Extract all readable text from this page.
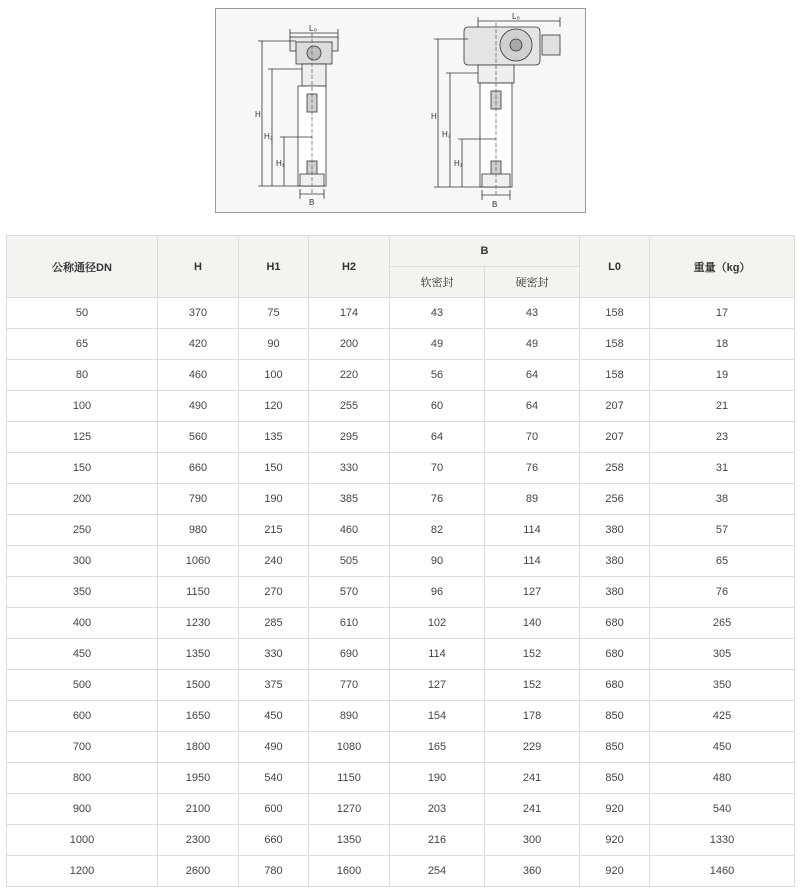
L₀
H
H₂
H₁
B
L₀
H
H₂
H₁
B
公称通径DN	H	H1	H2	B		L0	重量（kg）
				软密封	硬密封		
50	370	75	174	43	43	158	17
65	420	90	200	49	49	158	18
80	460	100	220	56	64	158	19
100	490	120	255	60	64	207	21
125	560	135	295	64	70	207	23
150	660	150	330	70	76	258	31
200	790	190	385	76	89	256	38
250	980	215	460	82	114	380	57
300	1060	240	505	90	114	380	65
350	1150	270	570	96	127	380	76
400	1230	285	610	102	140	680	265
450	1350	330	690	114	152	680	305
500	1500	375	770	127	152	680	350
600	1650	450	890	154	178	850	425
700	1800	490	1080	165	229	850	450
800	1950	540	1150	190	241	850	480
900	2100	600	1270	203	241	920	540
1000	2300	660	1350	216	300	920	1330
1200	2600	780	1600	254	360	920	1460
